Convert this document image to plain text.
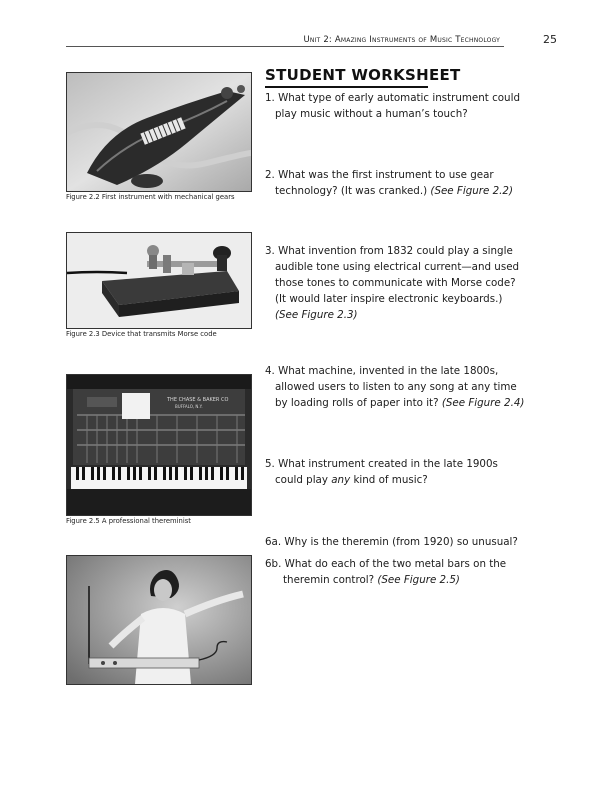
Unit 2: Amazing Instruments of Music Technology	25
Figure 2.2 First instrument with mechanical gears
Figure 2.3 Device that transmits Morse code
THE CHASE & BAKER CO
BUFFALO, N.Y.
Figure 2.5 A professional thereminist
STUDENT WORKSHEET
1. What type of early automatic instrument could play music without a human’s touch?
2. What was the first instrument to use gear technology? (It was cranked.) (See Figure 2.2)
3. What invention from 1832 could play a single audible tone using electrical current—and used those tones to communicate with Morse code? (It would later inspire electronic keyboards.) (See Figure 2.3)
4. What machine, invented in the late 1800s, allowed users to listen to any song at any time by loading rolls of paper into it? (See Figure 2.4)
5. What instrument created in the late 1900s could play any kind of music?
6a. Why is the theremin (from 1920) so unusual?
6b. What do each of the two metal bars on the theremin control? (See Figure 2.5)
